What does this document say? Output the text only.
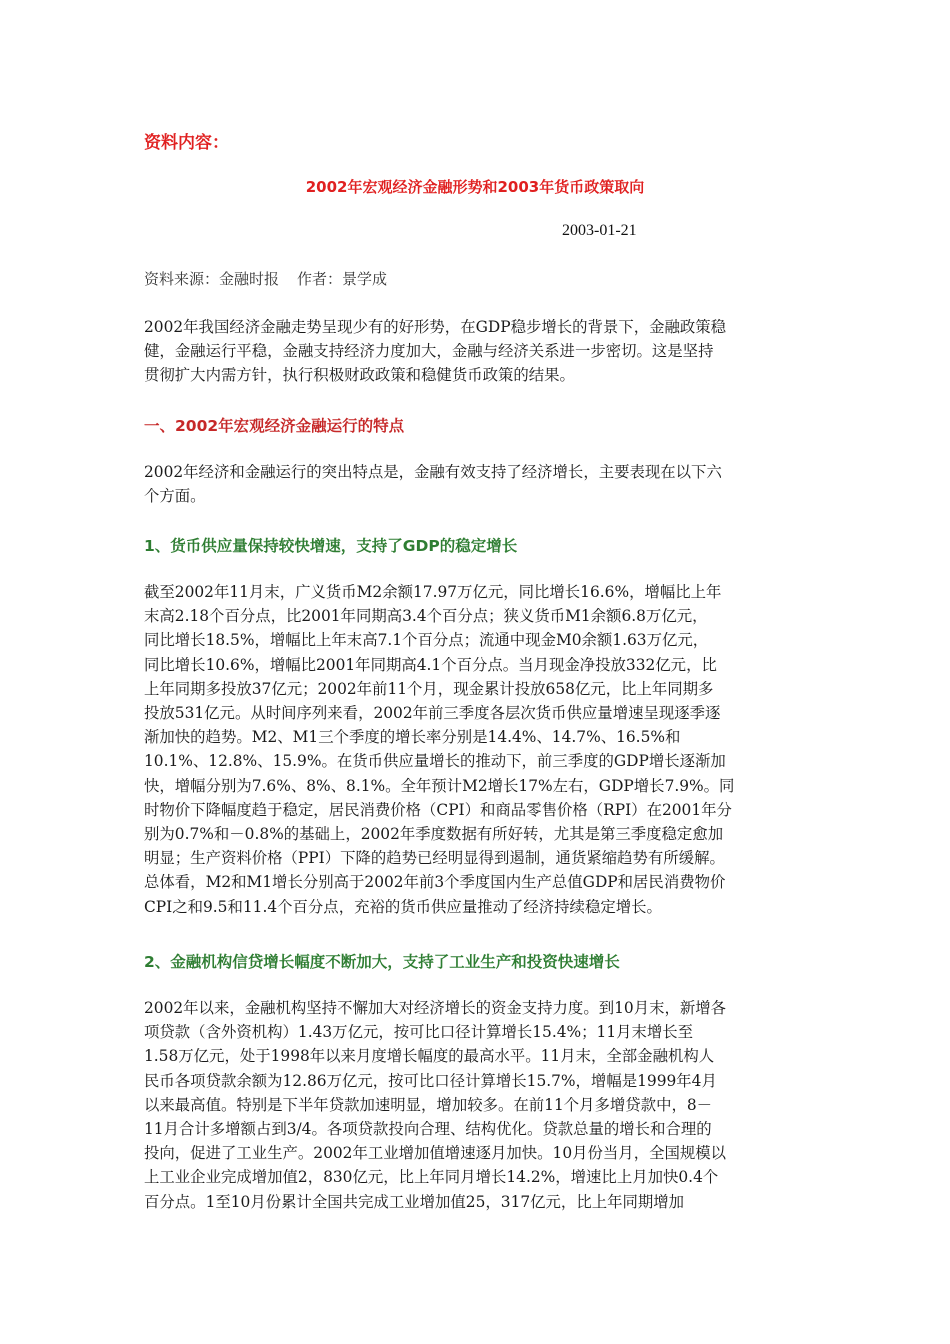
资料内容：
2002年宏观经济金融形势和2003年货币政策取向
2003-01-21
资料来源：金融时报 作者：景学成
2002年我国经济金融走势呈现少有的好形势，在GDP稳步增长的背景下，金融政策稳
健，金融运行平稳，金融支持经济力度加大，金融与经济关系进一步密切。这是坚持
贯彻扩大内需方针，执行积极财政政策和稳健货币政策的结果。
一、2002年宏观经济金融运行的特点
2002年经济和金融运行的突出特点是，金融有效支持了经济增长，主要表现在以下六
个方面。
1、货币供应量保持较快增速，支持了GDP的稳定增长
截至2002年11月末，广义货币M2余额17.97万亿元，同比增长16.6%，增幅比上年
末高2.18个百分点，比2001年同期高3.4个百分点；狭义货币M1余额6.8万亿元，
同比增长18.5%，增幅比上年末高7.1个百分点；流通中现金M0余额1.63万亿元，
同比增长10.6%，增幅比2001年同期高4.1个百分点。当月现金净投放332亿元，比
上年同期多投放37亿元；2002年前11个月，现金累计投放658亿元，比上年同期多
投放531亿元。从时间序列来看，2002年前三季度各层次货币供应量增速呈现逐季逐
渐加快的趋势。M2、M1三个季度的增长率分别是14.4%、14.7%、16.5%和
10.1%、12.8%、15.9%。在货币供应量增长的推动下，前三季度的GDP增长逐渐加
快，增幅分别为7.6%、8%、8.1%。全年预计M2增长17%左右，GDP增长7.9%。同
时物价下降幅度趋于稳定，居民消费价格（CPI）和商品零售价格（RPI）在2001年分
别为0.7%和－0.8%的基础上，2002年季度数据有所好转，尤其是第三季度稳定愈加
明显；生产资料价格（PPI）下降的趋势已经明显得到遏制，通货紧缩趋势有所缓解。
总体看，M2和M1增长分别高于2002年前3个季度国内生产总值GDP和居民消费物价
CPI之和9.5和11.4个百分点，充裕的货币供应量推动了经济持续稳定增长。
2、金融机构信贷增长幅度不断加大，支持了工业生产和投资快速增长
2002年以来，金融机构坚持不懈加大对经济增长的资金支持力度。到10月末，新增各
项贷款（含外资机构）1.43万亿元，按可比口径计算增长15.4%；11月末增长至
1.58万亿元，处于1998年以来月度增长幅度的最高水平。11月末，全部金融机构人
民币各项贷款余额为12.86万亿元，按可比口径计算增长15.7%，增幅是1999年4月
以来最高值。特别是下半年贷款加速明显，增加较多。在前11个月多增贷款中，8－
11月合计多增额占到3/4。各项贷款投向合理、结构优化。贷款总量的增长和合理的
投向，促进了工业生产。2002年工业增加值增速逐月加快。10月份当月，全国规模以
上工业企业完成增加值2，830亿元，比上年同月增长14.2%，增速比上月加快0.4个
百分点。1至10月份累计全国共完成工业增加值25，317亿元，比上年同期增加
